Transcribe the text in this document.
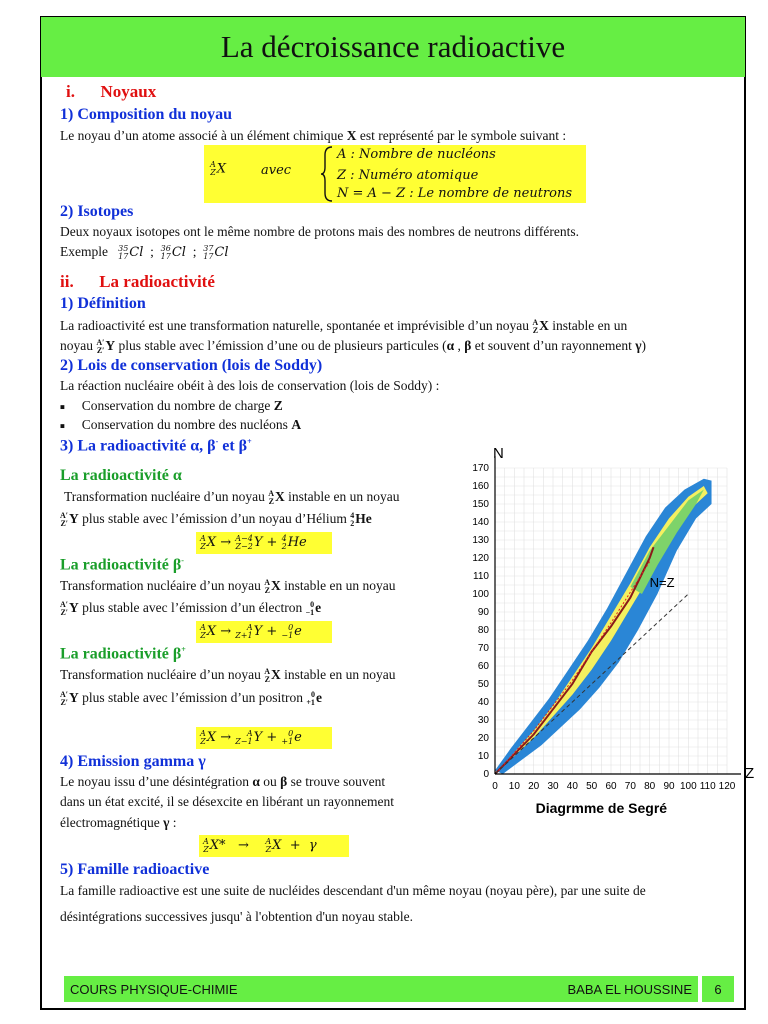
La décroissance radioactive
i. Noyaux
1) Composition du noyau
Le noyau d’un atome associé à un élément chimique X est représenté par le symbole suivant :
A
ZX	avec
A : Nombre de nucléons
Z : Numéro atomique
N = A − Z : Le nombre de neutrons
2) Isotopes
Deux noyaux isotopes ont le même nombre de protons mais des nombres de neutrons différents.
Exemple 35
17Cl ; 36
17Cl ; 37
17Cl
ii. La radioactivité
1) Définition
La radioactivité est une transformation naturelle, spontanée et imprévisible d’un noyau A
ZX instable en un
noyau A′
Z′Y plus stable avec l’émission d’une ou de plusieurs particules (α , β et souvent d’un rayonnement γ)
2) Lois de conservation (lois de Soddy)
La réaction nucléaire obéit à des lois de conservation (lois de Soddy) :
■ Conservation du nombre de charge Z
■ Conservation du nombre des nucléons A
3) La radioactivité α, β- et β+
La radioactivité α
Transformation nucléaire d’un noyau A
ZX instable en un noyau
A′
Z′Y plus stable avec l’émission d’un noyau d’Hélium 4
2He
A
ZX → A−4
Z−2Y + 4
2He
La radioactivité β-
Transformation nucléaire d’un noyau A
ZX instable en un noyau
A′
Z′Y plus stable avec l’émission d’un électron 0
−1e
A
ZX → A
Z+1Y + 0
−1e
La radioactivité β+
Transformation nucléaire d’un noyau A
ZX instable en un noyau
A′
Z′Y plus stable avec l’émission d’un positron 0
+1e
A
ZX → A
Z−1Y + 0
+1e
4) Emission gamma γ
Le noyau issu d’une désintégration α ou β se trouve souvent
dans un état excité, il se désexcite en libérant un rayonnement
électromagnétique γ :
A
ZX* → A
ZX + γ
5) Famille radioactive
La famille radioactive est une suite de nucléides descendant d'un même noyau (noyau père), par une suite de
désintégrations successives jusqu' à l'obtention d'un noyau stable.
0 10 20 30 40 50 60 70 80 90 100 110 120
0
10
20
30
40
50
60
70
80
90
100
110
120
130
140
150
160
170
N
Z
N=Z
Diagrmme de Segré
COURS PHYSIQUE-CHIMIE	BABA EL HOUSSINE	6
